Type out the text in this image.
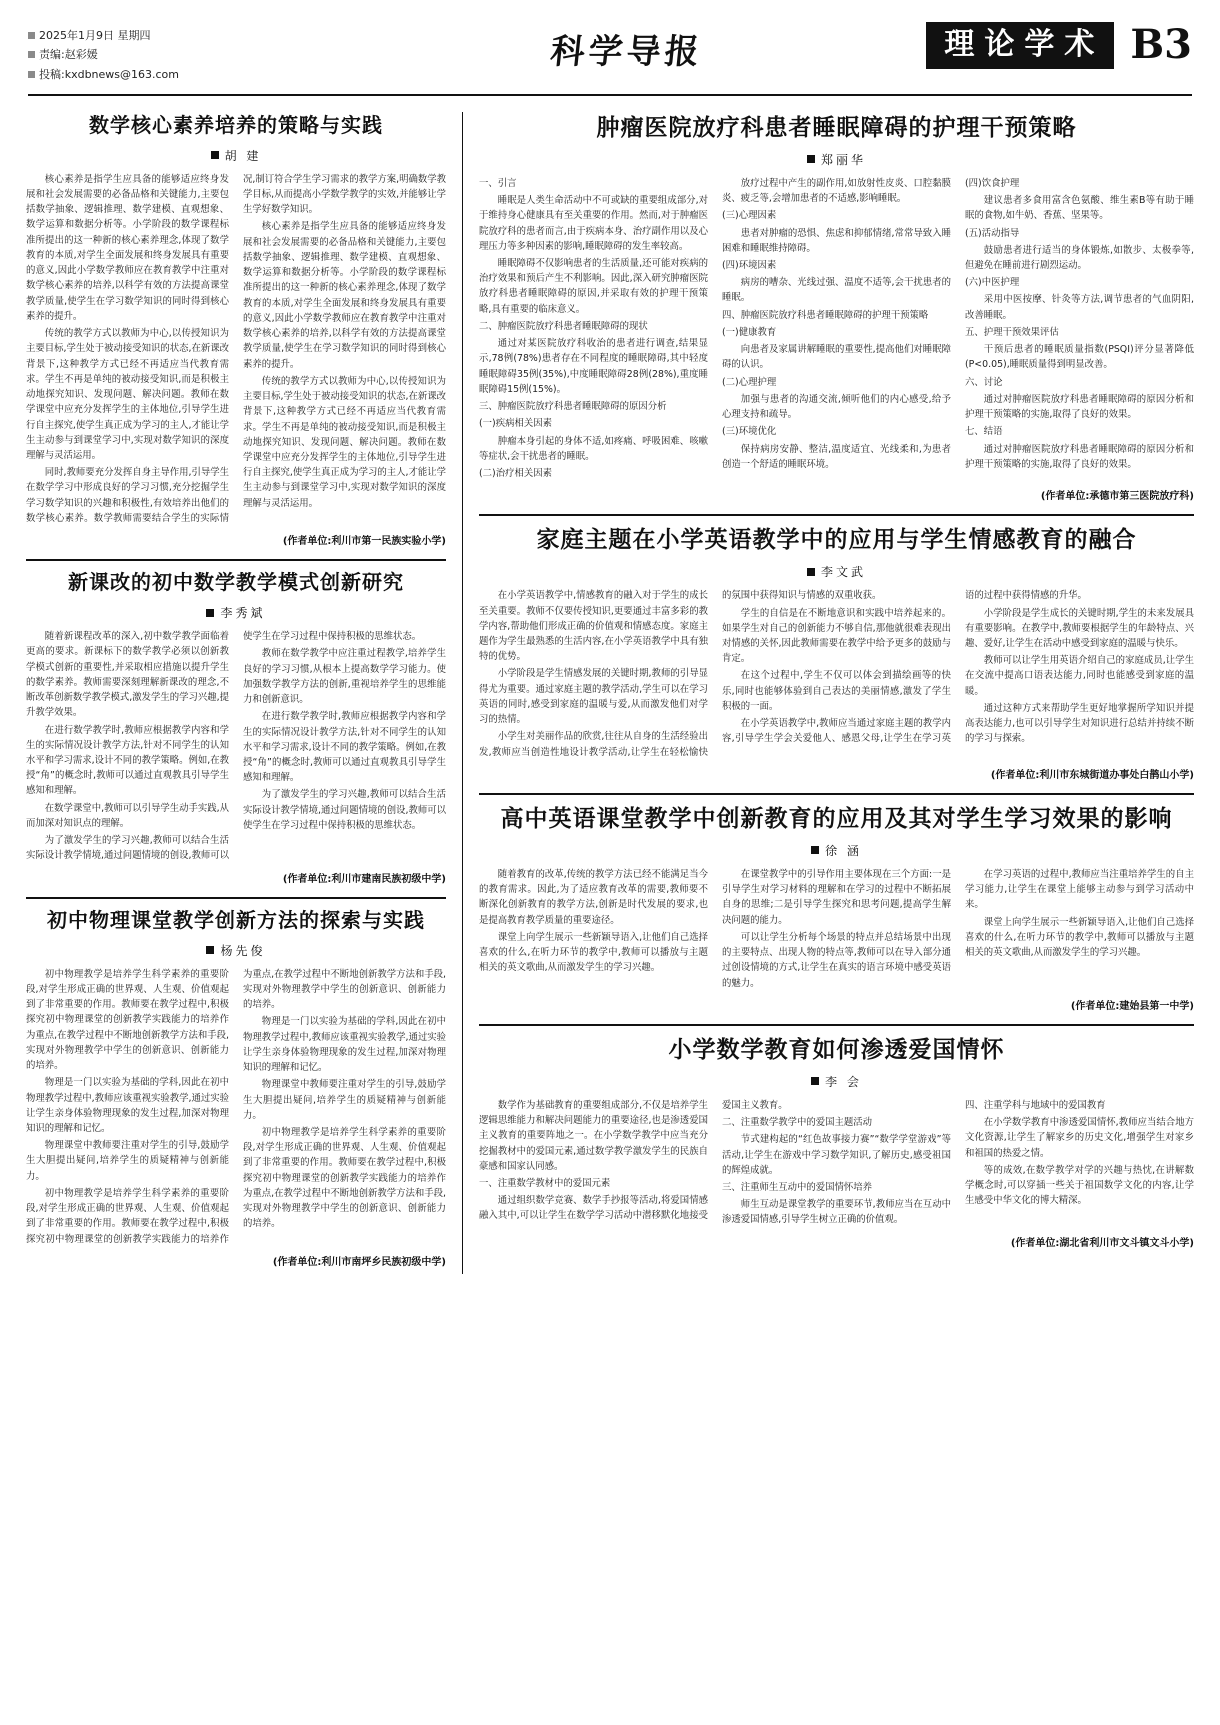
2025年1月9日 星期四
责编:赵彩媛
投稿:kxdbnews@163.com
科学导报	理论学术 B3
数学核心素养培养的策略与实践
胡 建

核心素养是指学生应具备的能够适应终身发展和社会发展需要的必备品格和关键能力,主要包括数学抽象、逻辑推理、数学建模、直观想象、数学运算和数据分析等。小学阶段的数学课程标准所提出的这一种新的核心素养理念,体现了数学教育的本质,对学生全面发展和终身发展具有重要的意义,因此小学数学教师应在教育教学中注重对数学核心素养的培养,以科学有效的方法提高课堂教学质量,使学生在学习数学知识的同时得到核心素养的提升。

传统的教学方式以教师为中心,以传授知识为主要目标,学生处于被动接受知识的状态,在新课改背景下,这种教学方式已经不再适应当代教育需求。学生不再是单纯的被动接受知识,而是积极主动地探究知识、发现问题、解决问题。教师在数学课堂中应充分发挥学生的主体地位,引导学生进行自主探究,使学生真正成为学习的主人,才能让学生主动参与到课堂学习中,实现对数学知识的深度理解与灵活运用。

同时,教师要充分发挥自身主导作用,引导学生在数学学习中形成良好的学习习惯,充分挖掘学生学习数学知识的兴趣和积极性,有效培养出他们的数学核心素养。数学教师需要结合学生的实际情况,制订符合学生学习需求的教学方案,明确数学教学目标,从而提高小学数学教学的实效,并能够让学生学好数学知识。

核心素养是指学生应具备的能够适应终身发展和社会发展需要的必备品格和关键能力,主要包括数学抽象、逻辑推理、数学建模、直观想象、数学运算和数据分析等。小学阶段的数学课程标准所提出的这一种新的核心素养理念,体现了数学教育的本质,对学生全面发展和终身发展具有重要的意义,因此小学数学教师应在教育教学中注重对数学核心素养的培养,以科学有效的方法提高课堂教学质量,使学生在学习数学知识的同时得到核心素养的提升。

传统的教学方式以教师为中心,以传授知识为主要目标,学生处于被动接受知识的状态,在新课改背景下,这种教学方式已经不再适应当代教育需求。学生不再是单纯的被动接受知识,而是积极主动地探究知识、发现问题、解决问题。教师在数学课堂中应充分发挥学生的主体地位,引导学生进行自主探究,使学生真正成为学习的主人,才能让学生主动参与到课堂学习中,实现对数学知识的深度理解与灵活运用。

(作者单位:利川市第一民族实验小学)
新课改的初中数学教学模式创新研究
李秀斌

随着新课程改革的深入,初中数学教学面临着更高的要求。新课标下的数学教学必须以创新教学模式创新的重要性,并采取相应措施以提升学生的数学素养。教师需要深刻理解新课改的理念,不断改革创新数学教学模式,激发学生的学习兴趣,提升教学效果。

在进行数学教学时,教师应根据教学内容和学生的实际情况设计教学方法,针对不同学生的认知水平和学习需求,设计不同的教学策略。例如,在教授“角”的概念时,教师可以通过直观教具引导学生感知和理解。

在数学课堂中,教师可以引导学生动手实践,从而加深对知识点的理解。

为了激发学生的学习兴趣,教师可以结合生活实际设计教学情境,通过问题情境的创设,教师可以使学生在学习过程中保持积极的思维状态。

教师在数学教学中应注重过程教学,培养学生良好的学习习惯,从根本上提高数学学习能力。使加强数学教学方法的创新,重视培养学生的思维能力和创新意识。

在进行数学教学时,教师应根据教学内容和学生的实际情况设计教学方法,针对不同学生的认知水平和学习需求,设计不同的教学策略。例如,在教授“角”的概念时,教师可以通过直观教具引导学生感知和理解。

为了激发学生的学习兴趣,教师可以结合生活实际设计教学情境,通过问题情境的创设,教师可以使学生在学习过程中保持积极的思维状态。

(作者单位:利川市建南民族初级中学)
初中物理课堂教学创新方法的探索与实践
杨先俊

初中物理教学是培养学生科学素养的重要阶段,对学生形成正确的世界观、人生观、价值观起到了非常重要的作用。教师要在教学过程中,积极探究初中物理课堂的创新教学实践能力的培养作为重点,在教学过程中不断地创新教学方法和手段,实现对外物理教学中学生的创新意识、创新能力的培养。

物理是一门以实验为基础的学科,因此在初中物理教学过程中,教师应该重视实验教学,通过实验让学生亲身体验物理现象的发生过程,加深对物理知识的理解和记忆。

物理课堂中教师要注重对学生的引导,鼓励学生大胆提出疑问,培养学生的质疑精神与创新能力。

初中物理教学是培养学生科学素养的重要阶段,对学生形成正确的世界观、人生观、价值观起到了非常重要的作用。教师要在教学过程中,积极探究初中物理课堂的创新教学实践能力的培养作为重点,在教学过程中不断地创新教学方法和手段,实现对外物理教学中学生的创新意识、创新能力的培养。

物理是一门以实验为基础的学科,因此在初中物理教学过程中,教师应该重视实验教学,通过实验让学生亲身体验物理现象的发生过程,加深对物理知识的理解和记忆。

物理课堂中教师要注重对学生的引导,鼓励学生大胆提出疑问,培养学生的质疑精神与创新能力。

初中物理教学是培养学生科学素养的重要阶段,对学生形成正确的世界观、人生观、价值观起到了非常重要的作用。教师要在教学过程中,积极探究初中物理课堂的创新教学实践能力的培养作为重点,在教学过程中不断地创新教学方法和手段,实现对外物理教学中学生的创新意识、创新能力的培养。

(作者单位:利川市南坪乡民族初级中学)
肿瘤医院放疗科患者睡眠障碍的护理干预策略
郑丽华

一、引言

睡眠是人类生命活动中不可或缺的重要组成部分,对于维持身心健康具有至关重要的作用。然而,对于肿瘤医院放疗科的患者而言,由于疾病本身、治疗副作用以及心理压力等多种因素的影响,睡眠障碍的发生率较高。

睡眠障碍不仅影响患者的生活质量,还可能对疾病的治疗效果和预后产生不利影响。因此,深入研究肿瘤医院放疗科患者睡眠障碍的原因,并采取有效的护理干预策略,具有重要的临床意义。

二、肿瘤医院放疗科患者睡眠障碍的现状

通过对某医院放疗科收治的患者进行调查,结果显示,78例(78%)患者存在不同程度的睡眠障碍,其中轻度睡眠障碍35例(35%),中度睡眠障碍28例(28%),重度睡眠障碍15例(15%)。

三、肿瘤医院放疗科患者睡眠障碍的原因分析

(一)疾病相关因素

肿瘤本身引起的身体不适,如疼痛、呼吸困难、咳嗽等症状,会干扰患者的睡眠。

(二)治疗相关因素

放疗过程中产生的副作用,如放射性皮炎、口腔黏膜炎、疲乏等,会增加患者的不适感,影响睡眠。

(三)心理因素

患者对肿瘤的恐惧、焦虑和抑郁情绪,常常导致入睡困难和睡眠维持障碍。

(四)环境因素

病房的嘈杂、光线过强、温度不适等,会干扰患者的睡眠。

四、肿瘤医院放疗科患者睡眠障碍的护理干预策略

(一)健康教育

向患者及家属讲解睡眠的重要性,提高他们对睡眠障碍的认识。

(二)心理护理

加强与患者的沟通交流,倾听他们的内心感受,给予心理支持和疏导。

(三)环境优化

保持病房安静、整洁,温度适宜、光线柔和,为患者创造一个舒适的睡眠环境。

(四)饮食护理

建议患者多食用富含色氨酸、维生素B等有助于睡眠的食物,如牛奶、香蕉、坚果等。

(五)活动指导

鼓励患者进行适当的身体锻炼,如散步、太极拳等,但避免在睡前进行剧烈运动。

(六)中医护理

采用中医按摩、针灸等方法,调节患者的气血阴阳,改善睡眠。

五、护理干预效果评估

干预后患者的睡眠质量指数(PSQI)评分显著降低(P<0.05),睡眠质量得到明显改善。

六、讨论

通过对肿瘤医院放疗科患者睡眠障碍的原因分析和护理干预策略的实施,取得了良好的效果。

七、结语

通过对肿瘤医院放疗科患者睡眠障碍的原因分析和护理干预策略的实施,取得了良好的效果。

(作者单位:承德市第三医院放疗科)
家庭主题在小学英语教学中的应用与学生情感教育的融合
李文武

在小学英语教学中,情感教育的融入对于学生的成长至关重要。教师不仅要传授知识,更要通过丰富多彩的教学内容,帮助他们形成正确的价值观和情感态度。家庭主题作为学生最熟悉的生活内容,在小学英语教学中具有独特的优势。

小学阶段是学生情感发展的关键时期,教师的引导显得尤为重要。通过家庭主题的教学活动,学生可以在学习英语的同时,感受到家庭的温暖与爱,从而激发他们对学习的热情。

小学生对美丽作品的欣赏,往往从自身的生活经验出发,教师应当创造性地设计教学活动,让学生在轻松愉快的氛围中获得知识与情感的双重收获。

学生的自信是在不断地意识和实践中培养起来的。如果学生对自己的创新能力不够自信,那他就很难表现出对情感的关怀,因此教师需要在教学中给予更多的鼓励与肯定。

在这个过程中,学生不仅可以体会到描绘画等的快乐,同时也能够体验到自己表达的美丽情感,激发了学生积极的一面。

在小学英语教学中,教师应当通过家庭主题的教学内容,引导学生学会关爱他人、感恩父母,让学生在学习英语的过程中获得情感的升华。

小学阶段是学生成长的关键时期,学生的未来发展具有重要影响。在教学中,教师要根据学生的年龄特点、兴趣、爱好,让学生在活动中感受到家庭的温暖与快乐。

教师可以让学生用英语介绍自己的家庭成员,让学生在交流中提高口语表达能力,同时也能感受到家庭的温暖。

通过这种方式来帮助学生更好地掌握所学知识并提高表达能力,也可以引导学生对知识进行总结并持续不断的学习与探索。

(作者单位:利川市东城街道办事处白鹊山小学)
高中英语课堂教学中创新教育的应用及其对学生学习效果的影响
徐 涵

随着教育的改革,传统的教学方法已经不能满足当今的教育需求。因此,为了适应教育改革的需要,教师要不断深化创新教育的教学方法,创新是时代发展的要求,也是提高教育教学质量的重要途径。

课堂上向学生展示一些新颖导语入,让他们自己选择喜欢的什么,在听力环节的教学中,教师可以播放与主题相关的英文歌曲,从而激发学生的学习兴趣。

在课堂教学中的引导作用主要体现在三个方面:一是引导学生对学习材料的理解和在学习的过程中不断拓展自身的思维;二是引导学生探究和思考问题,提高学生解决问题的能力。

可以让学生分析每个场景的特点并总结场景中出现的主要特点、出现人物的特点等,教师可以在导入部分通过创设情境的方式,让学生在真实的语言环境中感受英语的魅力。

在学习英语的过程中,教师应当注重培养学生的自主学习能力,让学生在课堂上能够主动参与到学习活动中来。

课堂上向学生展示一些新颖导语入,让他们自己选择喜欢的什么,在听力环节的教学中,教师可以播放与主题相关的英文歌曲,从而激发学生的学习兴趣。

(作者单位:建始县第一中学)
小学数学教育如何渗透爱国情怀
李 会

数学作为基础教育的重要组成部分,不仅是培养学生逻辑思维能力和解决问题能力的重要途径,也是渗透爱国主义教育的重要阵地之一。在小学数学教学中应当充分挖掘教材中的爱国元素,通过数学教学激发学生的民族自豪感和国家认同感。

一、注重数学教材中的爱国元素

通过组织数学竞赛、数学手抄报等活动,将爱国情感融入其中,可以让学生在数学学习活动中潜移默化地接受爱国主义教育。

二、注重数学教学中的爱国主题活动

节式建构起的“红色故事接力赛”“数学学堂游戏”等活动,让学生在游戏中学习数学知识,了解历史,感受祖国的辉煌成就。

三、注重师生互动中的爱国情怀培养

师生互动是课堂教学的重要环节,教师应当在互动中渗透爱国情感,引导学生树立正确的价值观。

四、注重学科与地域中的爱国教育

在小学数学教育中渗透爱国情怀,教师应当结合地方文化资源,让学生了解家乡的历史文化,增强学生对家乡和祖国的热爱之情。

等的成效,在数学教学对学的兴趣与热忱,在讲解数学概念时,可以穿插一些关于祖国数学文化的内容,让学生感受中华文化的博大精深。

(作者单位:湖北省利川市文斗镇文斗小学)
